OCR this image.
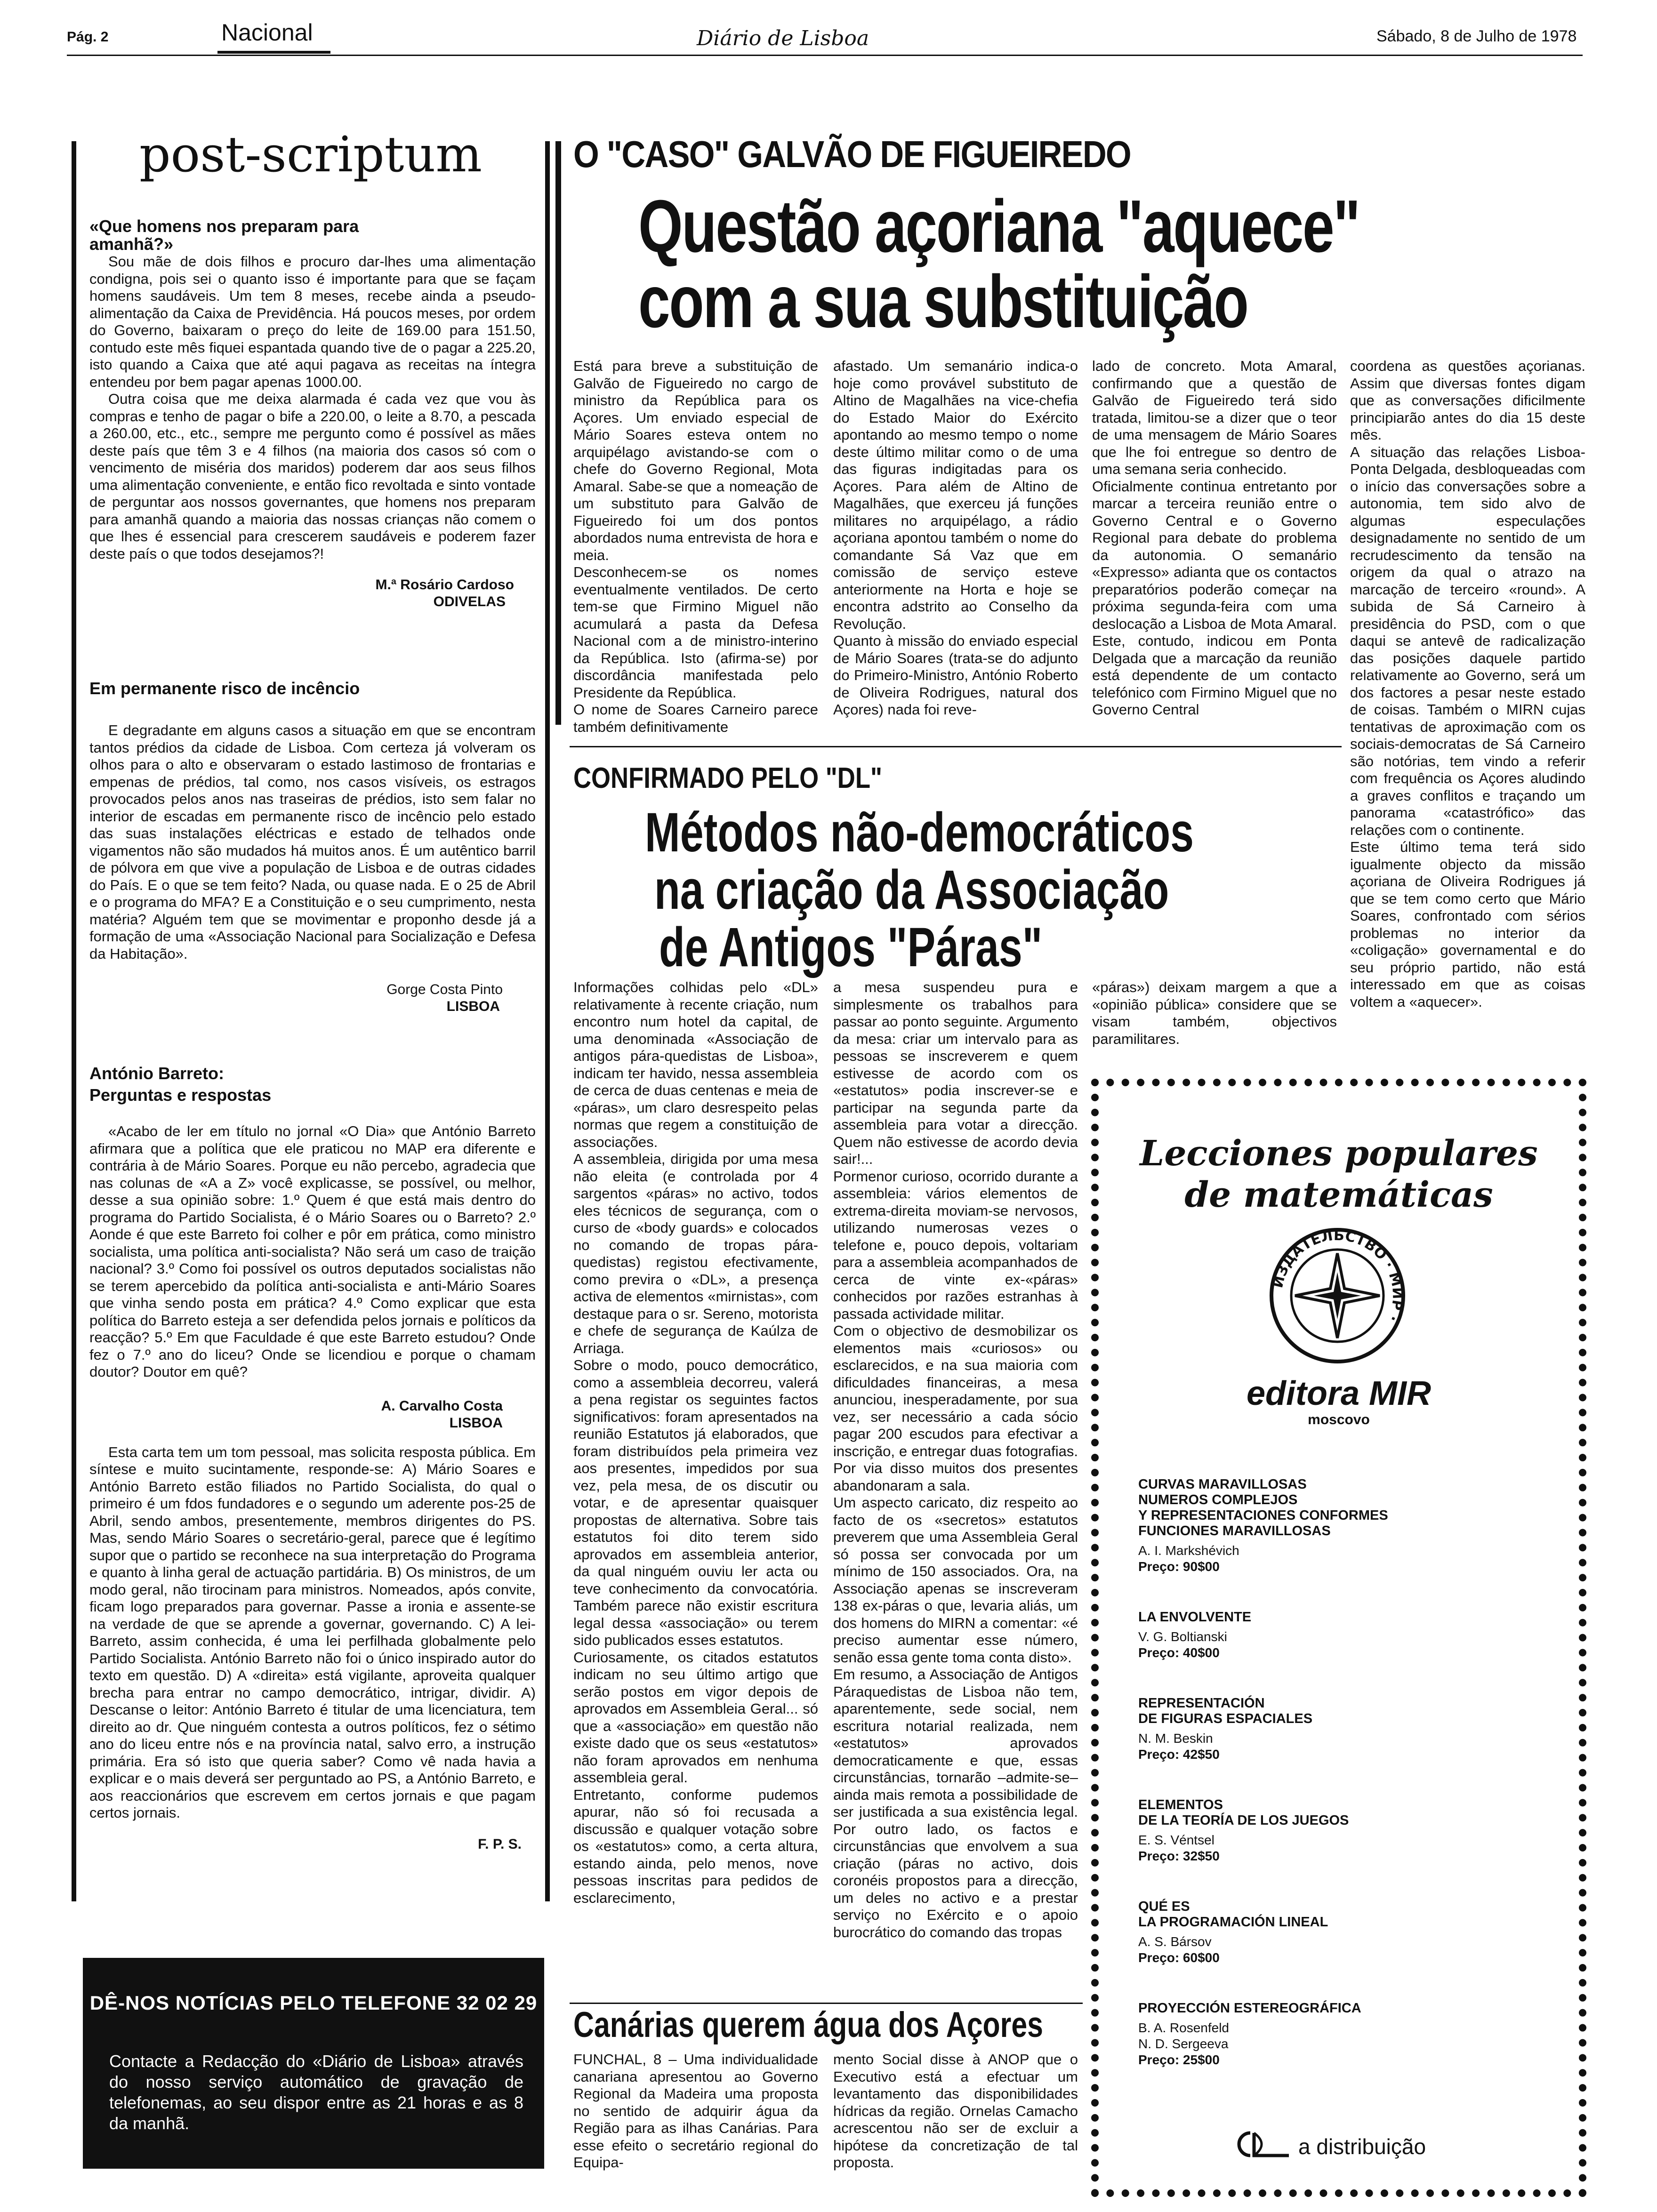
Pág. 2	Nacional	Diário de Lisboa	Sábado, 8 de Julho de 1978
post-scriptum
«Que homens nos preparam para amanhã?»

Sou mãe de dois filhos e procuro dar-lhes uma alimentação condigna, pois sei o quanto isso é importante para que se façam homens saudáveis. Um tem 8 meses, recebe ainda a pseudo-alimentação da Caixa de Previdência. Há poucos meses, por ordem do Governo, baixaram o preço do leite de 169.00 para 151.50, contudo este mês fiquei espantada quando tive de o pagar a 225.20, isto quando a Caixa que até aqui pagava as receitas na íntegra entendeu por bem pagar apenas 1000.00.

Outra coisa que me deixa alarmada é cada vez que vou às compras e tenho de pagar o bife a 220.00, o leite a 8.70, a pescada a 260.00, etc., etc., sempre me pergunto como é possível as mães deste país que têm 3 e 4 filhos (na maioria dos casos só com o vencimento de miséria dos maridos) poderem dar aos seus filhos uma alimentação conveniente, e então fico revoltada e sinto vontade de perguntar aos nossos governantes, que homens nos preparam para amanhã quando a maioria das nossas crianças não comem o que lhes é essencial para crescerem saudáveis e poderem fazer deste país o que todos desejamos?!

M.ª Rosário Cardoso
ODIVELAS
Em permanente risco de incêncio

E degradante em alguns casos a situação em que se encontram tantos prédios da cidade de Lisboa. Com certeza já volveram os olhos para o alto e observaram o estado lastimoso de frontarias e empenas de prédios, tal como, nos casos visíveis, os estragos provocados pelos anos nas traseiras de prédios, isto sem falar no interior de escadas em permanente risco de incêncio pelo estado das suas instalações eléctricas e estado de telhados onde vigamentos não são mudados há muitos anos. É um autêntico barril de pólvora em que vive a população de Lisboa e de outras cidades do País. E o que se tem feito? Nada, ou quase nada. E o 25 de Abril e o programa do MFA? E a Constituição e o seu cumprimento, nesta matéria? Alguém tem que se movimentar e proponho desde já a formação de uma «Associação Nacional para Socialização e Defesa da Habitação».

Gorge Costa Pinto
LISBOA
António Barreto:
Perguntas e respostas

«Acabo de ler em título no jornal «O Dia» que António Barreto afirmara que a política que ele praticou no MAP era diferente e contrária à de Mário Soares. Porque eu não percebo, agradecia que nas colunas de «A a Z» você explicasse, se possível, ou melhor, desse a sua opinião sobre: 1.º Quem é que está mais dentro do programa do Partido Socialista, é o Mário Soares ou o Barreto? 2.º Aonde é que este Barreto foi colher e pôr em prática, como ministro socialista, uma política anti-socialista? Não será um caso de traição nacional? 3.º Como foi possível os outros deputados socialistas não se terem apercebido da política anti-socialista e anti-Mário Soares que vinha sendo posta em prática? 4.º Como explicar que esta política do Barreto esteja a ser defendida pelos jornais e políticos da reacção? 5.º Em que Faculdade é que este Barreto estudou? Onde fez o 7.º ano do liceu? Onde se licendiou e porque o chamam doutor? Doutor em quê?

A. Carvalho Costa
LISBOA

Esta carta tem um tom pessoal, mas solicita resposta pública. Em síntese e muito sucintamente, responde-se: A) Mário Soares e António Barreto estão filiados no Partido Socialista, do qual o primeiro é um fdos fundadores e o segundo um aderente pos-25 de Abril, sendo ambos, presentemente, membros dirigentes do PS. Mas, sendo Mário Soares o secretário-geral, parece que é legítimo supor que o partido se reconhece na sua interpretação do Programa e quanto à linha geral de actuação partidária. B) Os ministros, de um modo geral, não tirocinam para ministros. Nomeados, após convite, ficam logo preparados para governar. Passe a ironia e assente-se na verdade de que se aprende a governar, governando. C) A lei-Barreto, assim conhecida, é uma lei perfilhada globalmente pelo Partido Socialista. António Barreto não foi o único inspirado autor do texto em questão. D) A «direita» está vigilante, aproveita qualquer brecha para entrar no campo democrático, intrigar, dividir. A) Descanse o leitor: António Barreto é titular de uma licenciatura, tem direito ao dr. Que ninguém contesta a outros políticos, fez o sétimo ano do liceu entre nós e na província natal, salvo erro, a instrução primária. Era só isto que queria saber? Como vê nada havia a explicar e o mais deverá ser perguntado ao PS, a António Barreto, e aos reaccionários que escrevem em certos jornais e que pagam certos jornais.

F. P. S.
DÊ-NOS NOTÍCIAS PELO TELEFONE 32 02 29
Contacte a Redacção do «Diário de Lisboa» através do nosso serviço automático de gravação de telefonemas, ao seu dispor entre as 21 horas e as 8 da manhã.
O "CASO" GALVÃO DE FIGUEIREDO
Questão açoriana "aquece"
com a sua substituição
Está para breve a substituição de Galvão de Figueiredo no cargo de ministro da República para os Açores. Um enviado especial de Mário Soares esteva ontem no arquipélago avistando-se com o chefe do Governo Regional, Mota Amaral. Sabe-se que a nomeação de um substituto para Galvão de Figueiredo foi um dos pontos abordados numa entrevista de hora e meia.
Desconhecem-se os nomes eventualmente ventilados. De certo tem-se que Firmino Miguel não acumulará a pasta da Defesa Nacional com a de ministro-interino da República. Isto (afirma-se) por discordância manifestada pelo Presidente da República.
O nome de Soares Carneiro parece também definitivamente
afastado. Um semanário indica-o hoje como provável substituto de Altino de Magalhães na vice-chefia do Estado Maior do Exército apontando ao mesmo tempo o nome deste último militar como o de uma das figuras indigitadas para os Açores. Para além de Altino de Magalhães, que exerceu já funções militares no arquipélago, a rádio açoriana apontou também o nome do comandante Sá Vaz que em comissão de serviço esteve anteriormente na Horta e hoje se encontra adstrito ao Conselho da Revolução.
Quanto à missão do enviado especial de Mário Soares (trata-se do adjunto do Primeiro-Ministro, António Roberto de Oliveira Rodrigues, natural dos Açores) nada foi reve-
lado de concreto. Mota Amaral, confirmando que a questão de Galvão de Figueiredo terá sido tratada, limitou-se a dizer que o teor de uma mensagem de Mário Soares que lhe foi entregue so dentro de uma semana seria conhecido.
Oficialmente continua entretanto por marcar a terceira reunião entre o Governo Central e o Governo Regional para debate do problema da autonomia. O semanário «Expresso» adianta que os contactos preparatórios poderão começar na próxima segunda-feira com uma deslocação a Lisboa de Mota Amaral. Este, contudo, indicou em Ponta Delgada que a marcação da reunião está dependente de um contacto telefónico com Firmino Miguel que no Governo Central
coordena as questões açorianas. Assim que diversas fontes digam que as conversações dificilmente principiarão antes do dia 15 deste mês.
A situação das relações Lisboa-Ponta Delgada, desbloqueadas com o início das conversações sobre a autonomia, tem sido alvo de algumas especulações designadamente no sentido de um recrudescimento da tensão na origem da qual o atrazo na marcação de terceiro «round». A subida de Sá Carneiro à presidência do PSD, com o que daqui se antevê de radicalização das posições daquele partido relativamente ao Governo, será um dos factores a pesar neste estado de coisas. Também o MIRN cujas tentativas de aproximação com os sociais-democratas de Sá Carneiro são notórias, tem vindo a referir com frequência os Açores aludindo a graves conflitos e traçando um panorama «catastrófico» das relações com o continente.
Este último tema terá sido igualmente objecto da missão açoriana de Oliveira Rodrigues já que se tem como certo que Mário Soares, confrontado com sérios problemas no interior da «coligação» governamental e do seu próprio partido, não está interessado em que as coisas voltem a «aquecer».
CONFIRMADO PELO "DL"
Métodos não-democráticos
na criação da Associação
de Antigos "Páras"
Informações colhidas pelo «DL» relativamente à recente criação, num encontro num hotel da capital, de uma denominada «Associação de antigos pára-quedistas de Lisboa», indicam ter havido, nessa assembleia de cerca de duas centenas e meia de «páras», um claro desrespeito pelas normas que regem a constituição de associações.
A assembleia, dirigida por uma mesa não eleita (e controlada por 4 sargentos «páras» no activo, todos eles técnicos de segurança, com o curso de «body guards» e colocados no comando de tropas pára-quedistas) registou efectivamente, como previra o «DL», a presença activa de elementos «mirnistas», com destaque para o sr. Sereno, motorista e chefe de segurança de Kaúlza de Arriaga.
Sobre o modo, pouco democrático, como a assembleia decorreu, valerá a pena registar os seguintes factos significativos: foram apresentados na reunião Estatutos já elaborados, que foram distribuídos pela primeira vez aos presentes, impedidos por sua vez, pela mesa, de os discutir ou votar, e de apresentar quaisquer propostas de alternativa. Sobre tais estatutos foi dito terem sido aprovados em assembleia anterior, da qual ninguém ouviu ler acta ou teve conhecimento da convocatória. Também parece não existir escritura legal dessa «associação» ou terem sido publicados esses estatutos.
Curiosamente, os citados estatutos indicam no seu último artigo que serão postos em vigor depois de aprovados em Assembleia Geral... só que a «associação» em questão não existe dado que os seus «estatutos» não foram aprovados em nenhuma assembleia geral.
Entretanto, conforme pudemos apurar, não só foi recusada a discussão e qualquer votação sobre os «estatutos» como, a certa altura, estando ainda, pelo menos, nove pessoas inscritas para pedidos de esclarecimento,
a mesa suspendeu pura e simplesmente os trabalhos para passar ao ponto seguinte. Argumento da mesa: criar um intervalo para as pessoas se inscreverem e quem estivesse de acordo com os «estatutos» podia inscrever-se e participar na segunda parte da assembleia para votar a direcção. Quem não estivesse de acordo devia sair!...
Pormenor curioso, ocorrido durante a assembleia: vários elementos de extrema-direita moviam-se nervosos, utilizando numerosas vezes o telefone e, pouco depois, voltariam para a assembleia acompanhados de cerca de vinte ex-«páras» conhecidos por razões estranhas à passada actividade militar.
Com o objectivo de desmobilizar os elementos mais «curiosos» ou esclarecidos, e na sua maioria com dificuldades financeiras, a mesa anunciou, inesperadamente, por sua vez, ser necessário a cada sócio pagar 200 escudos para efectivar a inscrição, e entregar duas fotografias. Por via disso muitos dos presentes abandonaram a sala.
Um aspecto caricato, diz respeito ao facto de os «secretos» estatutos preverem que uma Assembleia Geral só possa ser convocada por um mínimo de 150 associados. Ora, na Associação apenas se inscreveram 138 ex-páras o que, levaria aliás, um dos homens do MIRN a comentar: «é preciso aumentar esse número, senão essa gente toma conta disto».
Em resumo, a Associação de Antigos Páraquedistas de Lisboa não tem, aparentemente, sede social, nem escritura notarial realizada, nem «estatutos» aprovados democraticamente e que, essas circunstâncias, tornarão –admite-se– ainda mais remota a possibilidade de ser justificada a sua existência legal. Por outro lado, os factos e circunstâncias que envolvem a sua criação (páras no activo, dois coronéis propostos para a direcção, um deles no activo e a prestar serviço no Exército e o apoio burocrático do comando das tropas
«páras») deixam margem a que a «opinião pública» considere que se visam também, objectivos paramilitares.
Canárias querem água dos Açores
FUNCHAL, 8 – Uma individualidade canariana apresentou ao Governo Regional da Madeira uma proposta no sentido de adquirir água da Região para as ilhas Canárias. Para esse efeito o secretário regional do Equipa-
mento Social disse à ANOP que o Executivo está a efectuar um levantamento das disponibilidades hídricas da região. Ornelas Camacho acrescentou não ser de excluir a hipótese da concretização de tal proposta.
Lecciones populares
de matemáticas
ИЗДАТЕЛЬСТВО · МИР ·
editora MIR
moscovo
CURVAS MARAVILLOSAS
NUMEROS COMPLEJOS
Y REPRESENTACIONES CONFORMES
FUNCIONES MARAVILLOSAS
A. I. Markshévich
Preço: 90$00
LA ENVOLVENTE
V. G. Boltianski
Preço: 40$00
REPRESENTACIÓN
DE FIGURAS ESPACIALES
N. M. Beskin
Preço: 42$50
ELEMENTOS
DE LA TEORÍA DE LOS JUEGOS
E. S. Véntsel
Preço: 32$50
QUÉ ES
LA PROGRAMACIÓN LINEAL
A. S. Bársov
Preço: 60$00
PROYECCIÓN ESTEREOGRÁFICA
B. A. Rosenfeld
N. D. Sergeeva
Preço: 25$00
a distribuição
